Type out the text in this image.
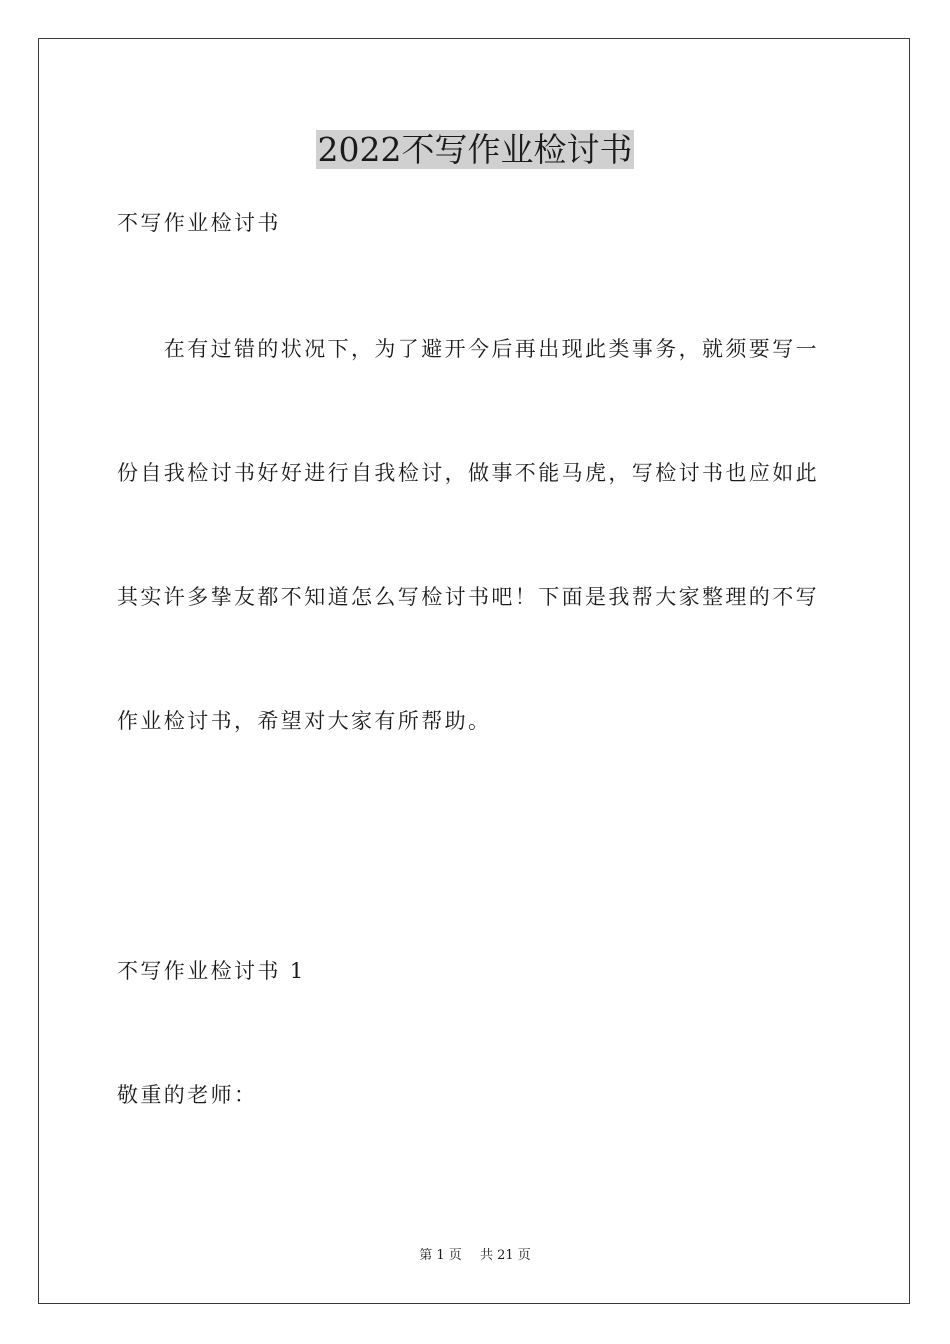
2022不写作业检讨书

不写作业检讨书

　　在有过错的状况下，为了避开今后再出现此类事务，就须要写一

份自我检讨书好好进行自我检讨，做事不能马虎，写检讨书也应如此

其实许多挚友都不知道怎么写检讨书吧！下面是我帮大家整理的不写

作业检讨书，希望对大家有所帮助。

不写作业检讨书 1

敬重的老师：

第 1 页 共 21 页
